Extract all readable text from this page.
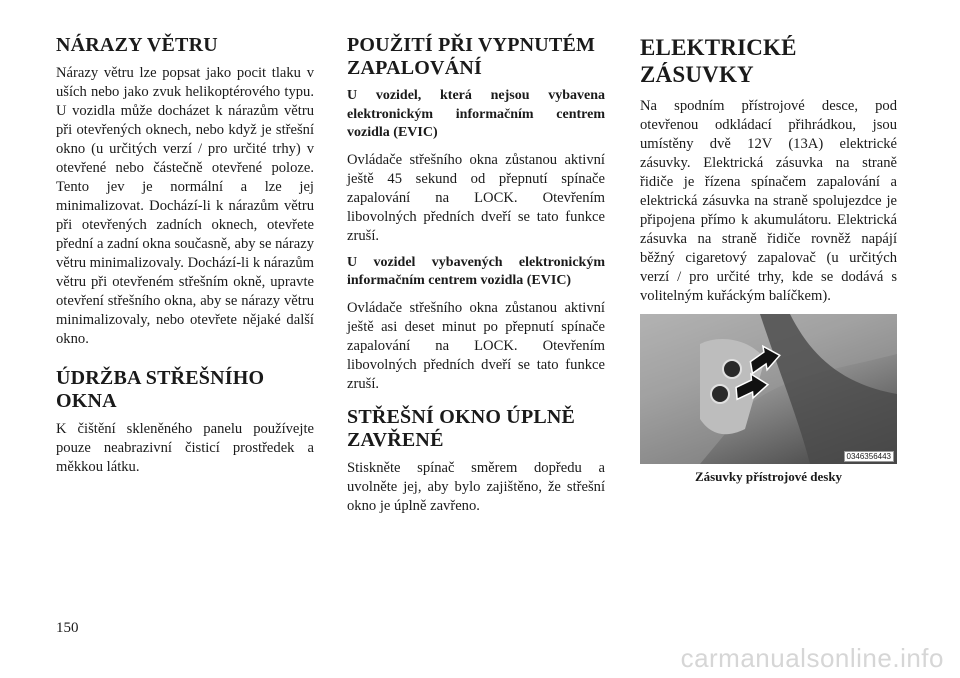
NÁRAZY VĚTRU

Nárazy větru lze popsat jako pocit tlaku v uších nebo jako zvuk helikoptérového typu. U vozidla může docházet k nárazům větru při otevřených oknech, nebo když je střešní okno (u určitých verzí / pro určité trhy) v otevřené nebo částečně otevřené poloze. Tento jev je normální a lze jej minimalizovat. Dochází-li k nárazům větru při otevřených zadních oknech, otevřete přední a zadní okna současně, aby se nárazy větru minimalizovaly. Dochází-li k nárazům větru při otevřeném střešním okně, upravte otevření střešního okna, aby se nárazy větru minimalizovaly, nebo otevřete nějaké další okno.

ÚDRŽBA STŘEŠNÍHO OKNA

K čištění skleněného panelu používejte pouze neabrazivní čisticí prostředek a měkkou látku.

POUŽITÍ PŘI VYPNUTÉM ZAPALOVÁNÍ

U vozidel, která nejsou vybavena elektronickým informačním centrem vozidla (EVIC)

Ovládače střešního okna zůstanou aktivní ještě 45 sekund od přepnutí spínače zapalování na LOCK. Otevřením libovolných předních dveří se tato funkce zruší.

U vozidel vybavených elektronickým informačním centrem vozidla (EVIC)

Ovládače střešního okna zůstanou aktivní ještě asi deset minut po přepnutí spínače zapalování na LOCK. Otevřením libovolných předních dveří se tato funkce zruší.

STŘEŠNÍ OKNO ÚPLNĚ ZAVŘENÉ

Stiskněte spínač směrem dopředu a uvolněte jej, aby bylo zajištěno, že střešní okno je úplně zavřeno.

ELEKTRICKÉ ZÁSUVKY

Na spodním přístrojové desce, pod otevřenou odkládací přihrádkou, jsou umístěny dvě 12V (13A) elektrické zásuvky. Elektrická zásuvka na straně řidiče je řízena spínačem zapalování a elektrická zásuvka na straně spolujezdce je připojena přímo k akumulátoru. Elektrická zásuvka na straně řidiče rovněž napájí běžný cigaretový zapalovač (u určitých verzí / pro určité trhy, kde se dodává s volitelným kuřáckým balíčkem).

0346356443
Zásuvky přístrojové desky
150
carmanualsonline.info
